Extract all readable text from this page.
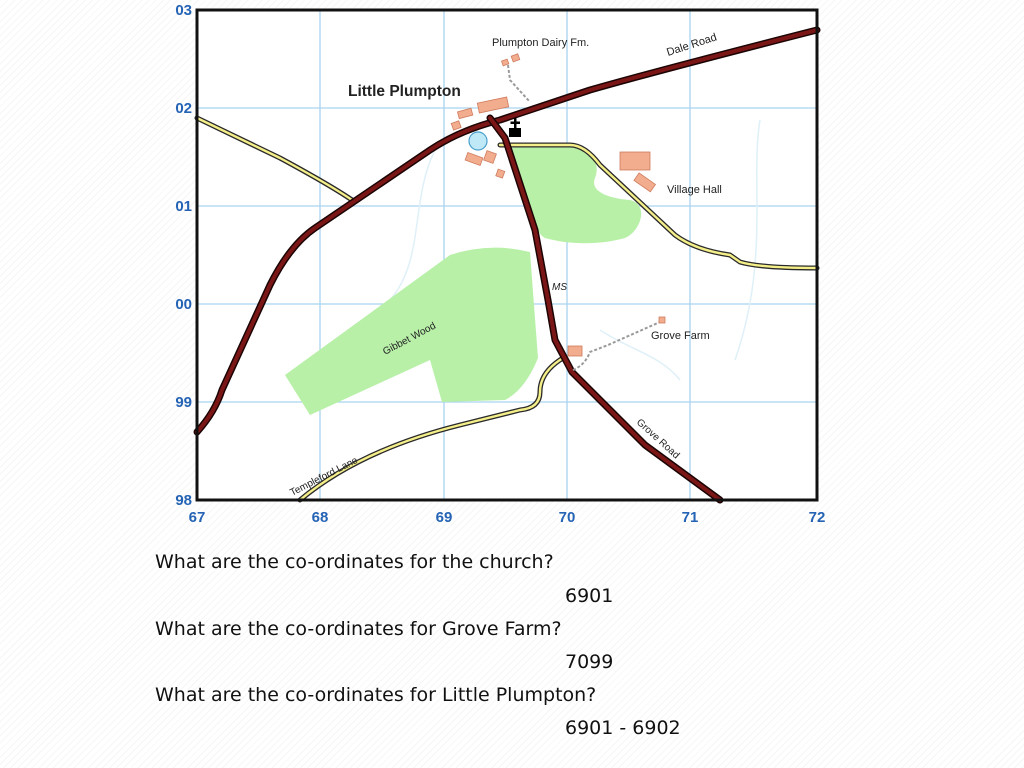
Little Plumpton
Plumpton Dairy Fm.
Village Hall
Grove Farm
Gibbet Wood
MS
Dale Road
Grove Road
Templeford Lane
67	68	69	70	71	72
03
02
01
00
99
98
What are the co-ordinates for the church?
6901
What are the co-ordinates for Grove Farm?
7099
What are the co-ordinates for Little Plumpton?
6901 - 6902
